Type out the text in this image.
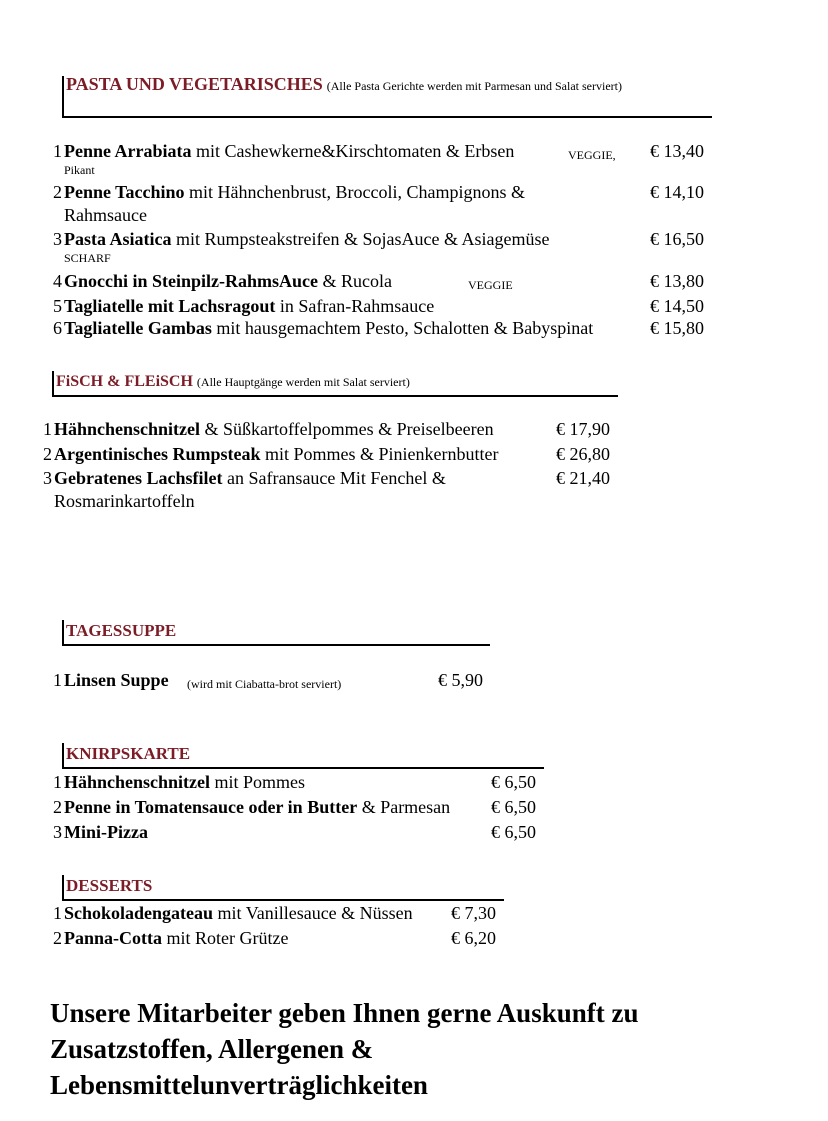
PASTA UND VEGETARISCHES (Alle Pasta Gerichte werden mit Parmesan und Salat serviert)
1 Penne Arrabiata mit Cashewkerne&Kirschtomaten & Erbsen	VEGGIE, € 13,40
Pikant
2 Penne Tacchino mit Hähnchenbrust, Broccoli, Champignons &	€ 14,10
Rahmsauce
3 Pasta Asiatica mit Rumpsteakstreifen & SojasAuce & Asiagemüse	€ 16,50
SCHARF
4 Gnocchi in Steinpilz-RahmsAuce & Rucola	VEGGIE	€ 13,80
5 Tagliatelle mit Lachsragout in Safran-Rahmsauce	€ 14,50
6 Tagliatelle Gambas mit hausgemachtem Pesto, Schalotten & Babyspinat	€ 15,80
FiSCH & FLEiSCH (Alle Hauptgänge werden mit Salat serviert)
1 Hähnchenschnitzel & Süßkartoffelpommes & Preiselbeeren	€ 17,90
2 Argentinisches Rumpsteak mit Pommes & Pinienkernbutter	€ 26,80
3 Gebratenes Lachsfilet an Safransauce Mit Fenchel &	€ 21,40
Rosmarinkartoffeln
TAGESSUPPE
1 Linsen Suppe (wird mit Ciabatta-brot serviert)	€ 5,90
KNIRPSKARTE
1 Hähnchenschnitzel mit Pommes	€ 6,50
2 Penne in Tomatensauce oder in Butter & Parmesan € 6,50
3 Mini-Pizza	€ 6,50
DESSERTS
1 Schokoladengateau mit Vanillesauce & Nüssen € 7,30
2 Panna-Cotta mit Roter Grütze	€ 6,20
Unsere Mitarbeiter geben Ihnen gerne Auskunft zu
Zusatzstoffen, Allergenen &
Lebensmittelunverträglichkeiten
